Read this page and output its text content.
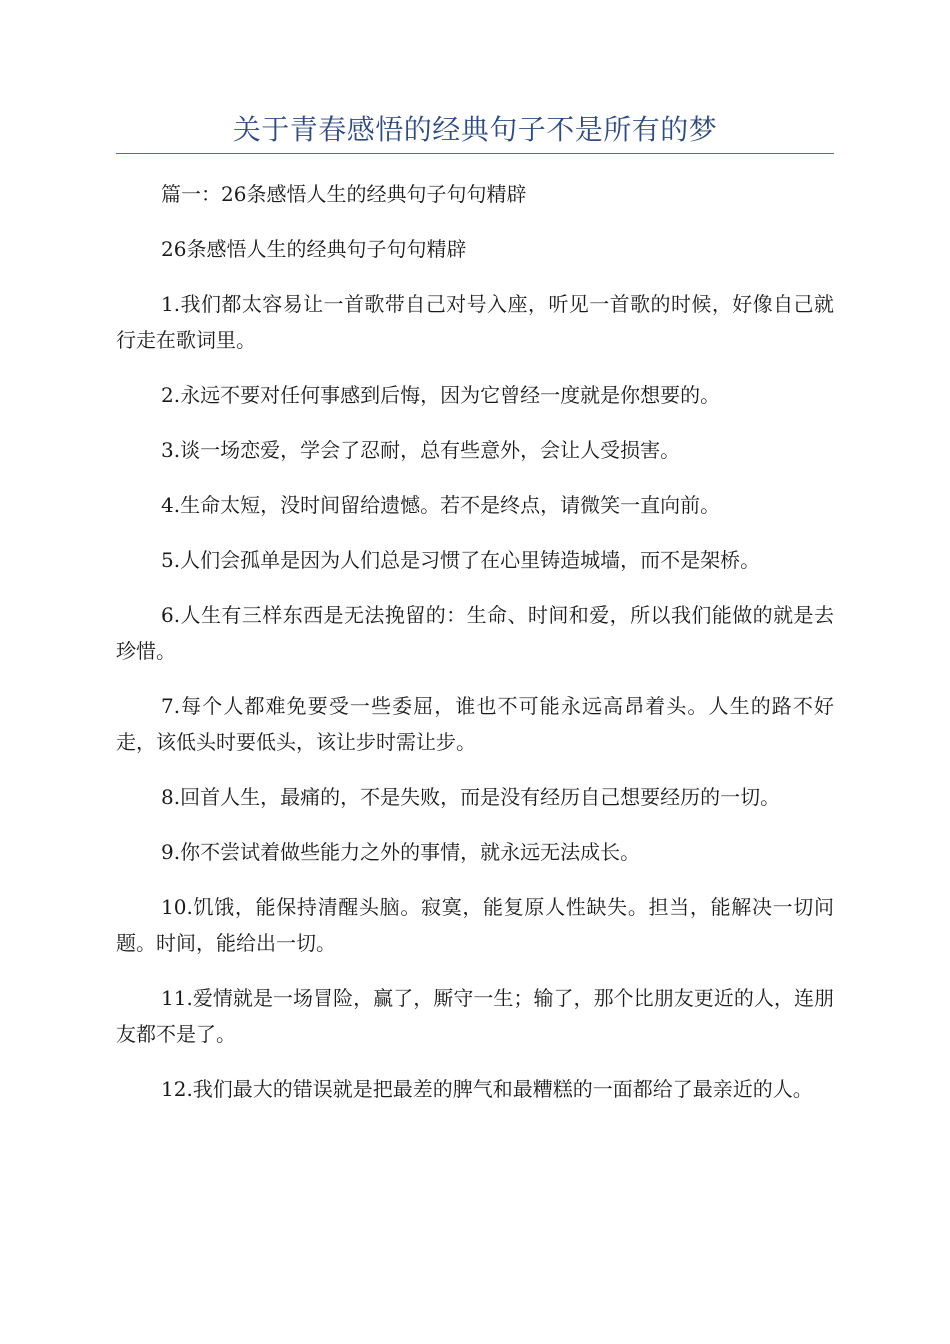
关于青春感悟的经典句子不是所有的梦

篇一：26条感悟人生的经典句子句句精辟

26条感悟人生的经典句子句句精辟

1.我们都太容易让一首歌带自己对号入座，听见一首歌的时候，好像自己就行走在歌词里。

2.永远不要对任何事感到后悔，因为它曾经一度就是你想要的。

3.谈一场恋爱，学会了忍耐，总有些意外，会让人受损害。

4.生命太短，没时间留给遗憾。若不是终点，请微笑一直向前。

5.人们会孤单是因为人们总是习惯了在心里铸造城墙，而不是架桥。

6.人生有三样东西是无法挽留的：生命、时间和爱，所以我们能做的就是去珍惜。

7.每个人都难免要受一些委屈，谁也不可能永远高昂着头。人生的路不好走，该低头时要低头，该让步时需让步。

8.回首人生，最痛的，不是失败，而是没有经历自己想要经历的一切。

9.你不尝试着做些能力之外的事情，就永远无法成长。

10.饥饿，能保持清醒头脑。寂寞，能复原人性缺失。担当，能解决一切问题。时间，能给出一切。

11.爱情就是一场冒险，赢了，厮守一生；输了，那个比朋友更近的人，连朋友都不是了。

12.我们最大的错误就是把最差的脾气和最糟糕的一面都给了最亲近的人。
